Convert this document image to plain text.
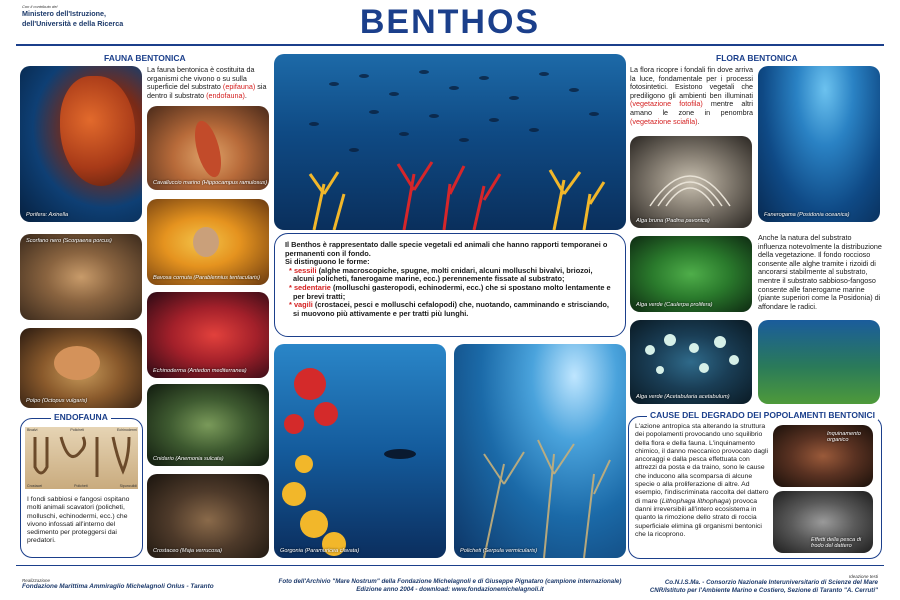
Con il contributo del
Ministero dell'Istruzione,
dell'Università e della Ricerca	BENTHOS
FAUNA BENTONICA
Porifera: Axinella
La fauna bentonica è costituita da organismi che vivono o su sulla superficie del substrato (epifauna) sia dentro il substrato (endofauna).
Cavalluccio marino (Hippocampus ramulosus)
Scorfano nero (Scorpaena porcus)
Bavosa cornuta (Parablennius tentacularis)
Echinoderma (Antedon mediterranea)
Polpo (Octopus vulgaris)
Cnidario (Anemonia sulcata)
Crostaceo (Maja verrucosa)
ENDOFAUNA
Bivalvi	Policheti	Echinodermi
Crostacei	Policheti	Sipunculidi
I fondi sabbiosi e fangosi ospitano molti animali scavatori (policheti, molluschi, echinodermi, ecc.) che vivono infossati all'interno del sedimento per proteggersi dai predatori.

Il Benthos è rappresentato dalle specie vegetali ed animali che hanno rapporti temporanei o permanenti con il fondo.

Si distinguono le forme:

* sessili (alghe macroscopiche, spugne, molti cnidari, alcuni molluschi bivalvi, briozoi, alcuni policheti, fanerogame marine, ecc.) perennemente fissate al substrato;

* sedentarie (molluschi gasteropodi, echinodermi, ecc.) che si spostano molto lentamente e per brevi tratti;

* vagili (crostacei, pesci e molluschi cefalopodi) che, nuotando, camminando e strisciando, si muovono più attivamente e per tratti più lunghi.

Gorgonia (Paramuricea clavata)	Policheti (Serpula vermicularis)
FLORA BENTONICA
La flora ricopre i fondali fin dove arriva la luce, fondamentale per i processi fotosintetici. Esistono vegetali che prediligono gli ambienti ben illuminati (vegetazione fotofila) mentre altri amano le zone in penombra (vegetazione sciafila).
Fanerogama (Posidonia oceanica)
Alga bruna (Padina pavonica)
Alga verde (Caulerpa prolifera)
Anche la natura del substrato influenza notevolmente la distribuzione della vegetazione. Il fondo roccioso consente alle alghe tramite i rizoidi di ancorarsi stabilmente al substrato, mentre il substrato sabbioso-fangoso consente alle fanerogame marine (piante superiori come la Posidonia) di affondare le radici.
Alga verde (Acetabularia acetabulum)
CAUSE DEL DEGRADO DEI POPOLAMENTI BENTONICI
L'azione antropica sta alterando la struttura dei popolamenti provocando uno squilibrio della flora e della fauna. L'inquinamento chimico, il danno meccanico provocato dagli ancoraggi e dalla pesca effettuata con attrezzi da posta e da traino, sono le cause che inducono alla scomparsa di alcune specie o alla proliferazione di altre. Ad esempio, l'indiscriminata raccolta del dattero di mare (Lithophaga lithophaga) provoca danni irreversibili all'intero ecosistema in quanto la rimozione dello strato di roccia superficiale elimina gli organismi bentonici che la ricoprono.
Inquinamento organico
Effetti della pesca di frodo del dattero
Realizzazione
Fondazione Marittima Ammiraglio Michelagnoli Onlus - Taranto
Foto dell'Archivio "Mare Nostrum" della Fondazione Michelagnoli e di Giuseppe Pignataro (campione internazionale)
Edizione anno 2004 - download: www.fondazionemichelagnoli.it
Ideazione testi
Co.N.I.S.Ma. - Consorzio Nazionale Interuniversitario di Scienze del Mare
CNR/Istituto per l'Ambiente Marino e Costiero, Sezione di Taranto "A. Cerruti"
